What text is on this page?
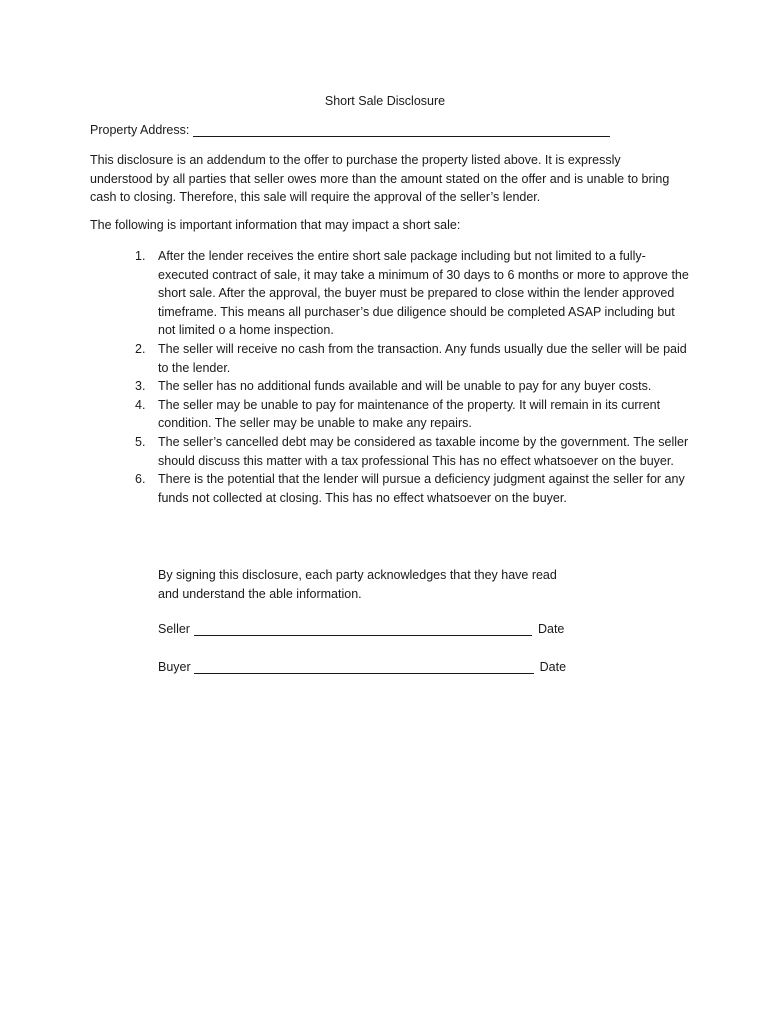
Short Sale Disclosure
Property Address:

This disclosure is an addendum to the offer to purchase the property listed above. It is expressly understood by all parties that seller owes more than the amount stated on the offer and is unable to bring cash to closing. Therefore, this sale will require the approval of the seller’s lender.

The following is important information that may impact a short sale:

1. After the lender receives the entire short sale package including but not limited to a fully-executed contract of sale, it may take a minimum of 30 days to 6 months or more to approve the short sale. After the approval, the buyer must be prepared to close within the lender approved timeframe. This means all purchaser’s due diligence should be completed ASAP including but not limited o a home inspection.
2. The seller will receive no cash from the transaction. Any funds usually due the seller will be paid to the lender.
3. The seller has no additional funds available and will be unable to pay for any buyer costs.
4. The seller may be unable to pay for maintenance of the property. It will remain in its current condition. The seller may be unable to make any repairs.
5. The seller’s cancelled debt may be considered as taxable income by the government. The seller should discuss this matter with a tax professional This has no effect whatsoever on the buyer.
6. There is the potential that the lender will pursue a deficiency judgment against the seller for any funds not collected at closing. This has no effect whatsoever on the buyer.

By signing this disclosure, each party acknowledges that they have read and understand the able information.

Seller	Date
Buyer	Date
